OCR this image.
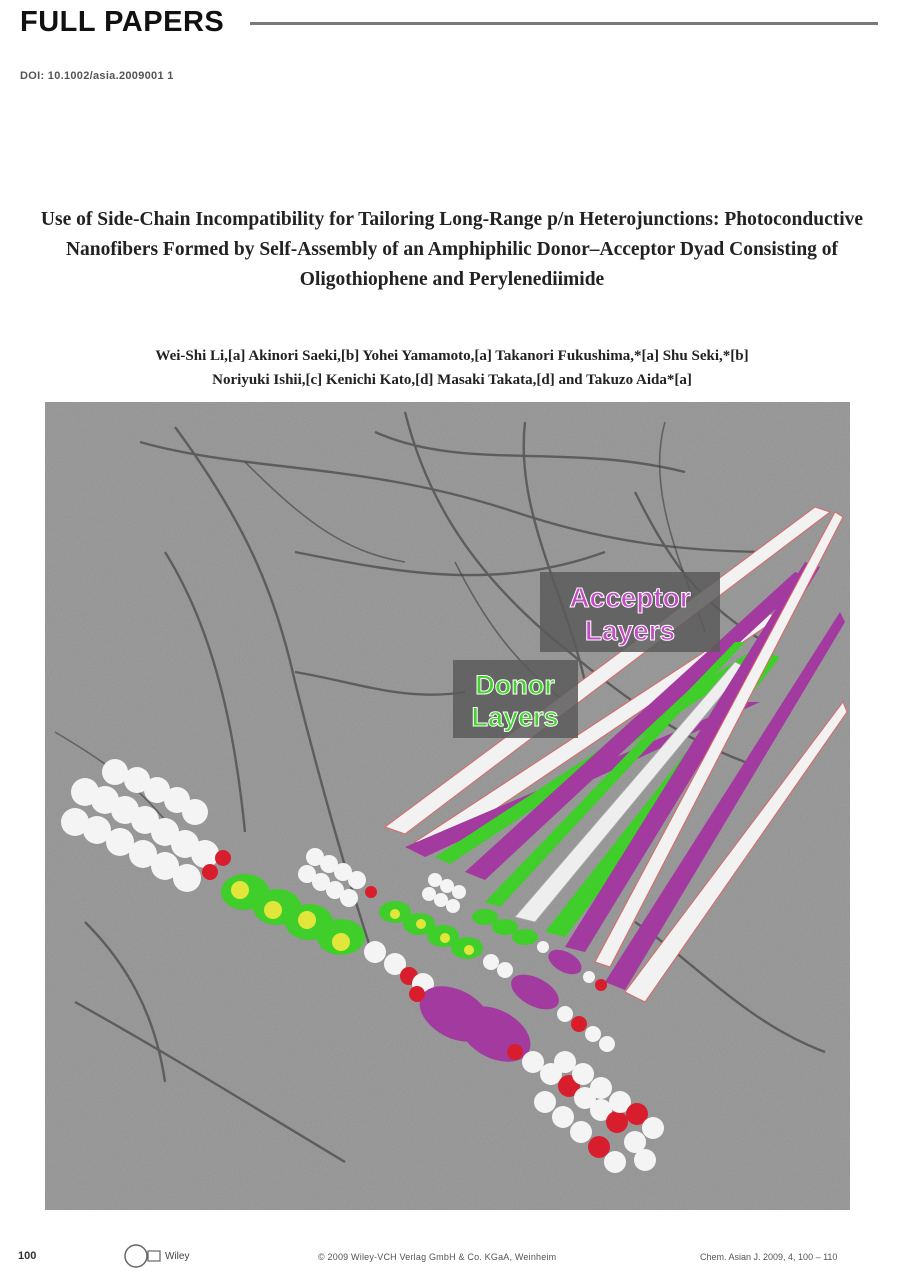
FULL PAPERS
DOI: 10.1002/asia.2009001 1
Use of Side-Chain Incompatibility for Tailoring Long-Range p/n Heterojunctions: Photoconductive Nanofibers Formed by Self-Assembly of an Amphiphilic Donor–Acceptor Dyad Consisting of Oligothiophene and Perylenediimide
Wei-Shi Li,[a] Akinori Saeki,[b] Yohei Yamamoto,[a] Takanori Fukushima,*[a] Shu Seki,*[b]
Noriyuki Ishii,[c] Kenichi Kato,[d] Masaki Takata,[d] and Takuzo Aida*[a]
Acceptor
Layers
Donor
Layers
100	Wiley	© 2009 Wiley-VCH Verlag GmbH & Co. KGaA, Weinheim	Chem. Asian J. 2009, 4, 100 – 110
